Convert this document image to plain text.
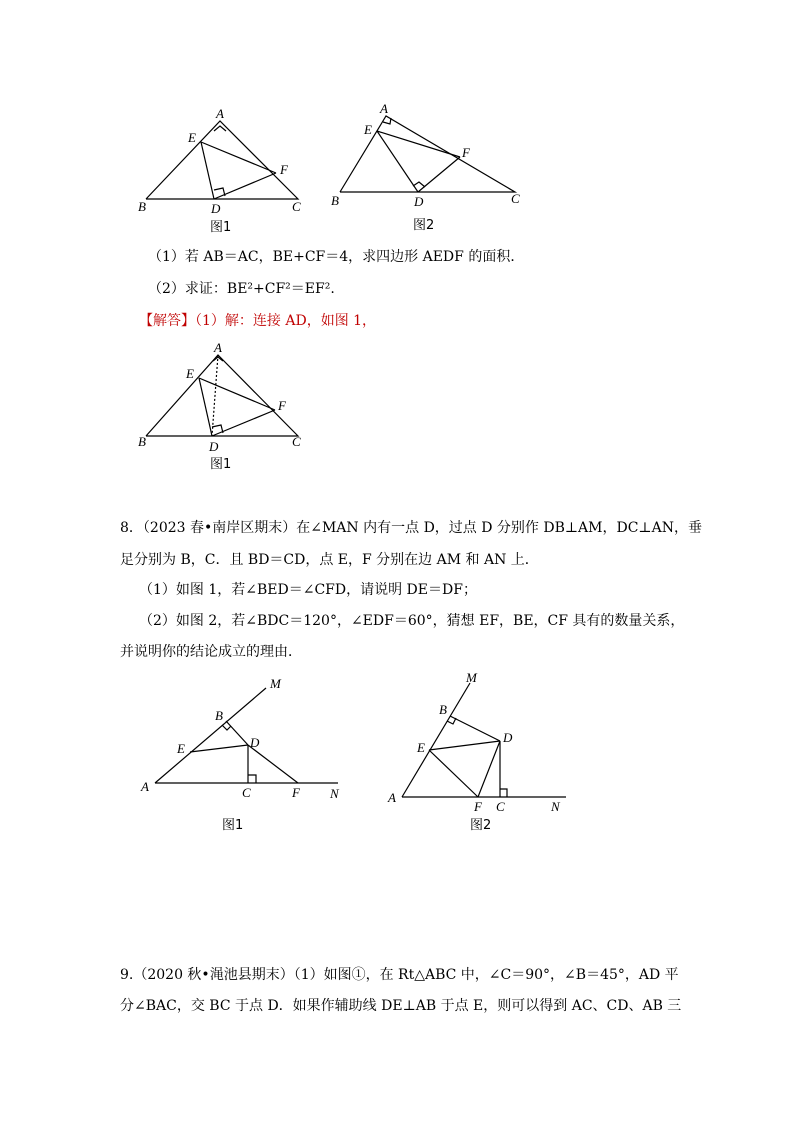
A
E
F
B	D	C
图1
A
E
F
B	D	C
图2
（1）若 AB＝AC，BE+CF＝4，求四边形 AEDF 的面积．
（2）求证：BE²+CF²＝EF².
【解答】（1）解：连接 AD，如图 1，
A
E
F
B	D	C
图1
8．（2023 春•南岸区期末）在∠MAN 内有一点 D，过点 D 分别作 DB⊥AM，DC⊥AN，垂
足分别为 B，C．且 BD＝CD，点 E，F 分别在边 AM 和 AN 上．
（1）如图 1，若∠BED＝∠CFD，请说明 DE＝DF；
（2）如图 2，若∠BDC＝120°，∠EDF＝60°，猜想 EF，BE，CF 具有的数量关系，
并说明你的结论成立的理由．
M
B
E	D
A	C	F N
图1
M
B
E
D
A
F C	N
图2
9.（2020 秋•渑池县期末）（1）如图①，在 Rt△ABC 中，∠C＝90°，∠B＝45°，AD 平
分∠BAC，交 BC 于点 D．如果作辅助线 DE⊥AB 于点 E，则可以得到 AC、CD、AB 三
